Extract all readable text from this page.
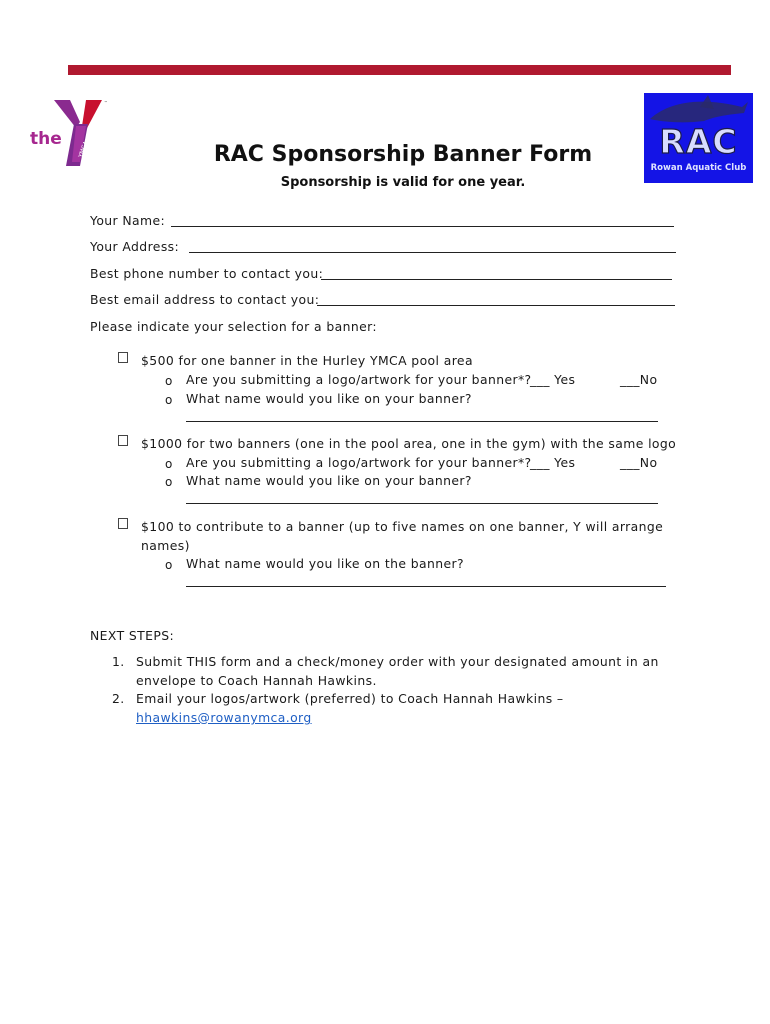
the
YMCA
™
RAC
Rowan Aquatic Club
RAC Sponsorship Banner Form
Sponsorship is valid for one year.
Your Name:
Your Address:
Best phone number to contact you:
Best email address to contact you:
Please indicate your selection for a banner:
$500 for one banner in the Hurley YMCA pool area
o Are you submitting a logo/artwork for your banner*?
___ Yes	___No
o What name would you like on your banner?
$1000 for two banners (one in the pool area, one in the gym) with the same logo
o Are you submitting a logo/artwork for your banner*?
___ Yes	___No
o What name would you like on your banner?
$100 to contribute to a banner (up to five names on one banner, Y will arrange
names)
o What name would you like on the banner?
NEXT STEPS:
1. Submit THIS form and a check/money order with your designated amount in an
envelope to Coach Hannah Hawkins.
2. Email your logos/artwork (preferred) to Coach Hannah Hawkins –
hhawkins@rowanymca.org
